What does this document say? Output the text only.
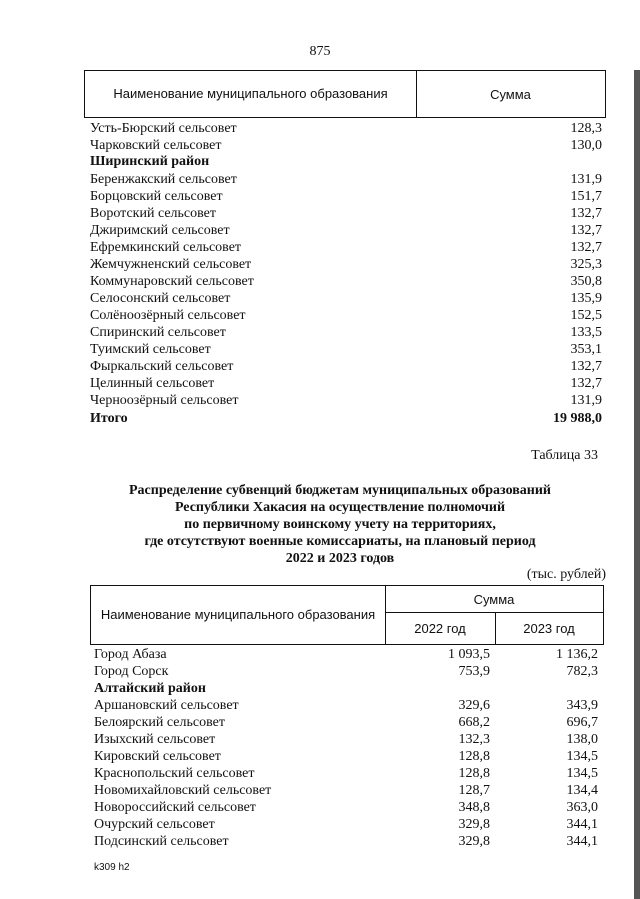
875
Наименование муниципального образования	Сумма
Усть-Бюрский сельсовет	128,3
Чарковский сельсовет	130,0
Ширинский район
Беренжакский сельсовет	131,9
Борцовский сельсовет	151,7
Воротский сельсовет	132,7
Джиримский сельсовет	132,7
Ефремкинский сельсовет	132,7
Жемчужненский сельсовет	325,3
Коммунаровский сельсовет	350,8
Селосонский сельсовет	135,9
Солёноозёрный сельсовет	152,5
Спиринский сельсовет	133,5
Туимский сельсовет	353,1
Фыркальский сельсовет	132,7
Целинный сельсовет	132,7
Черноозёрный сельсовет	131,9
Итого	19 988,0
Таблица 33
Распределение субвенций бюджетам муниципальных образований
Республики Хакасия на осуществление полномочий
по первичному воинскому учету на территориях,
где отсутствуют военные комиссариаты, на плановый период
2022 и 2023 годов
(тыс. рублей)
Наименование муниципального образования
Сумма
2022 год	2023 год
Город Абаза	1 093,5	1 136,2
Город Сорск	753,9	782,3
Алтайский район
Аршановский сельсовет	329,6	343,9
Белоярский сельсовет	668,2	696,7
Изыхский сельсовет	132,3	138,0
Кировский сельсовет	128,8	134,5
Краснопольский сельсовет	128,8	134,5
Новомихайловский сельсовет	128,7	134,4
Новороссийский сельсовет	348,8	363,0
Очурский сельсовет	329,8	344,1
Подсинский сельсовет	329,8	344,1
k309 h2
